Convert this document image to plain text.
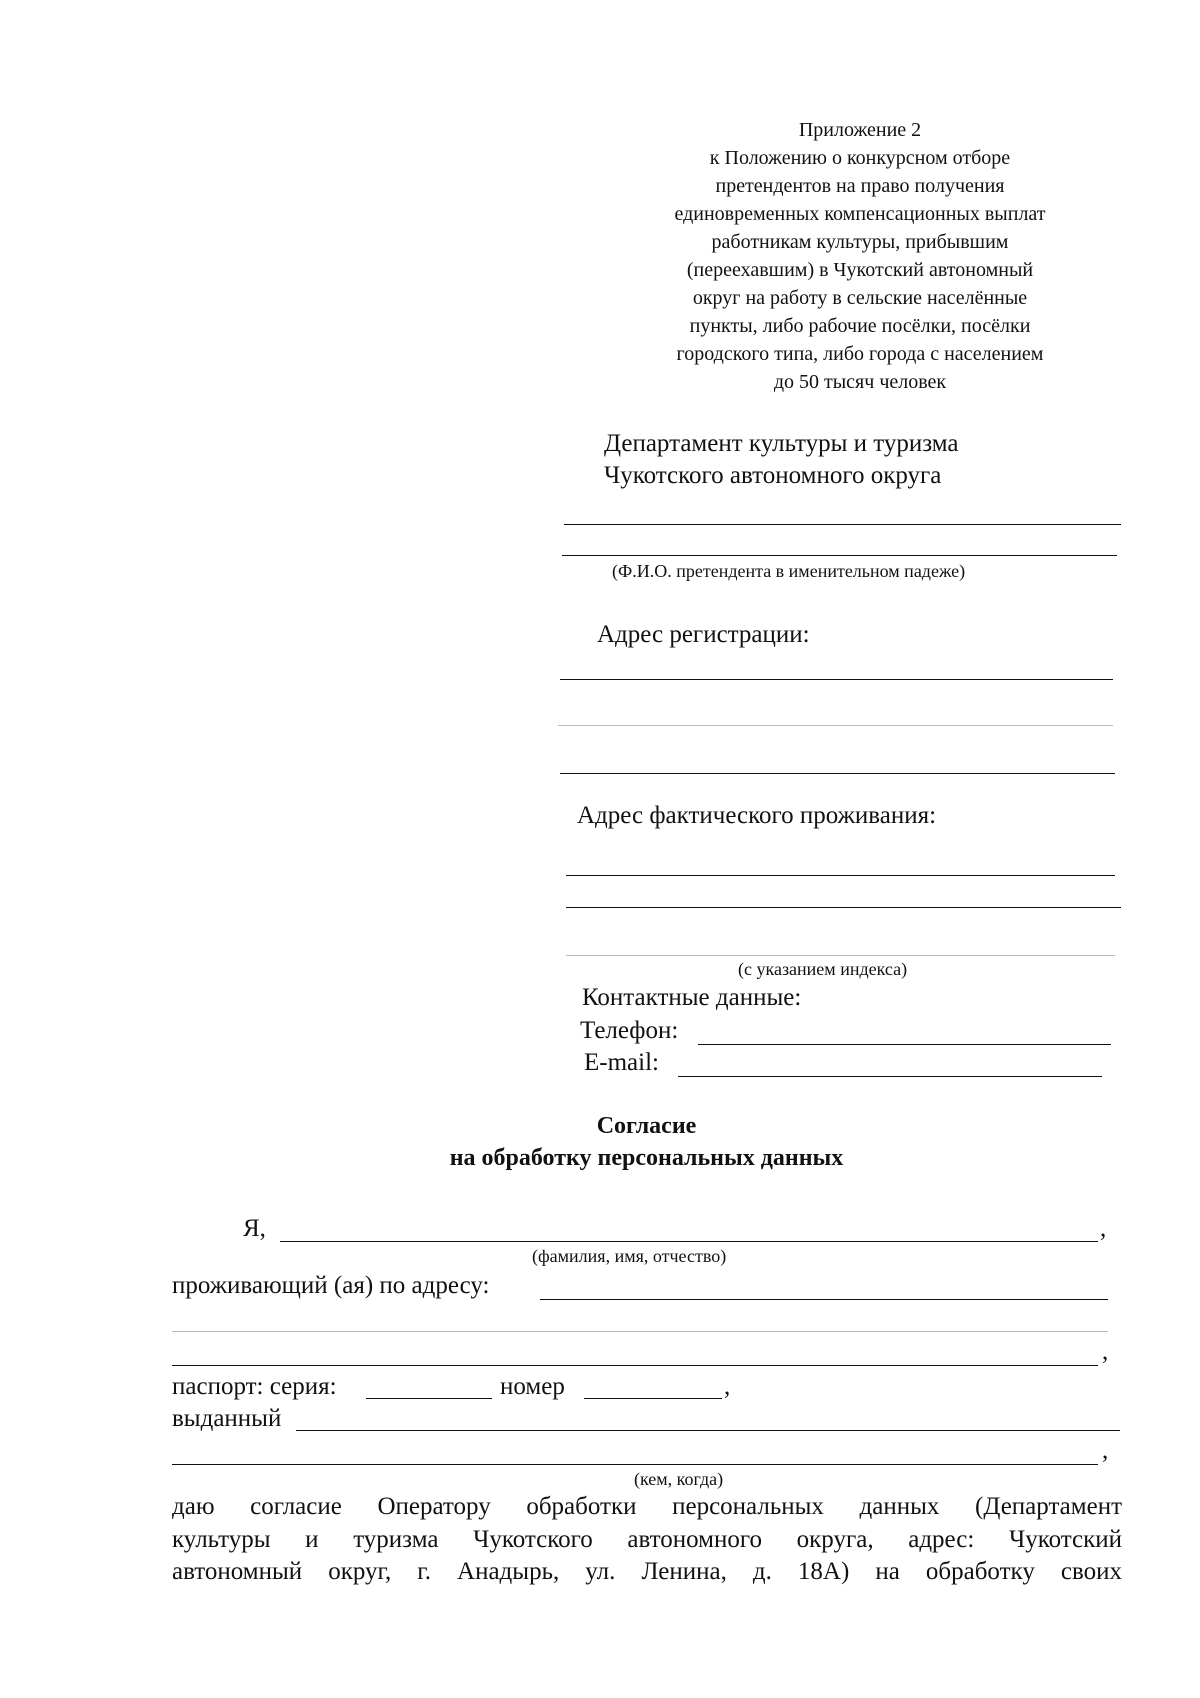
Приложение 2
к Положению о конкурсном отборе
претендентов на право получения
единовременных компенсационных выплат
работникам культуры, прибывшим
(переехавшим) в Чукотский автономный
округ на работу в сельские населённые
пункты, либо рабочие посёлки, посёлки
городского типа, либо города с населением
до 50 тысяч человек
Департамент культуры и туризма
Чукотского автономного округа
(Ф.И.О. претендента в именительном падеже)
Адрес регистрации:
Адрес фактического проживания:
(с указанием индекса)
Контактные данные:
Телефон:
E-mail:
Согласие
на обработку персональных данных
Я,	,
(фамилия, имя, отчество)
проживающий (ая) по адресу:
,
паспорт: серия:	номер	,
выданный
,
(кем, когда)
даю согласие Оператору обработки персональных данных (Департамент
культуры и туризма Чукотского автономного округа, адрес: Чукотский
автономный округ, г. Анадырь, ул. Ленина, д. 18А) на обработку своих
